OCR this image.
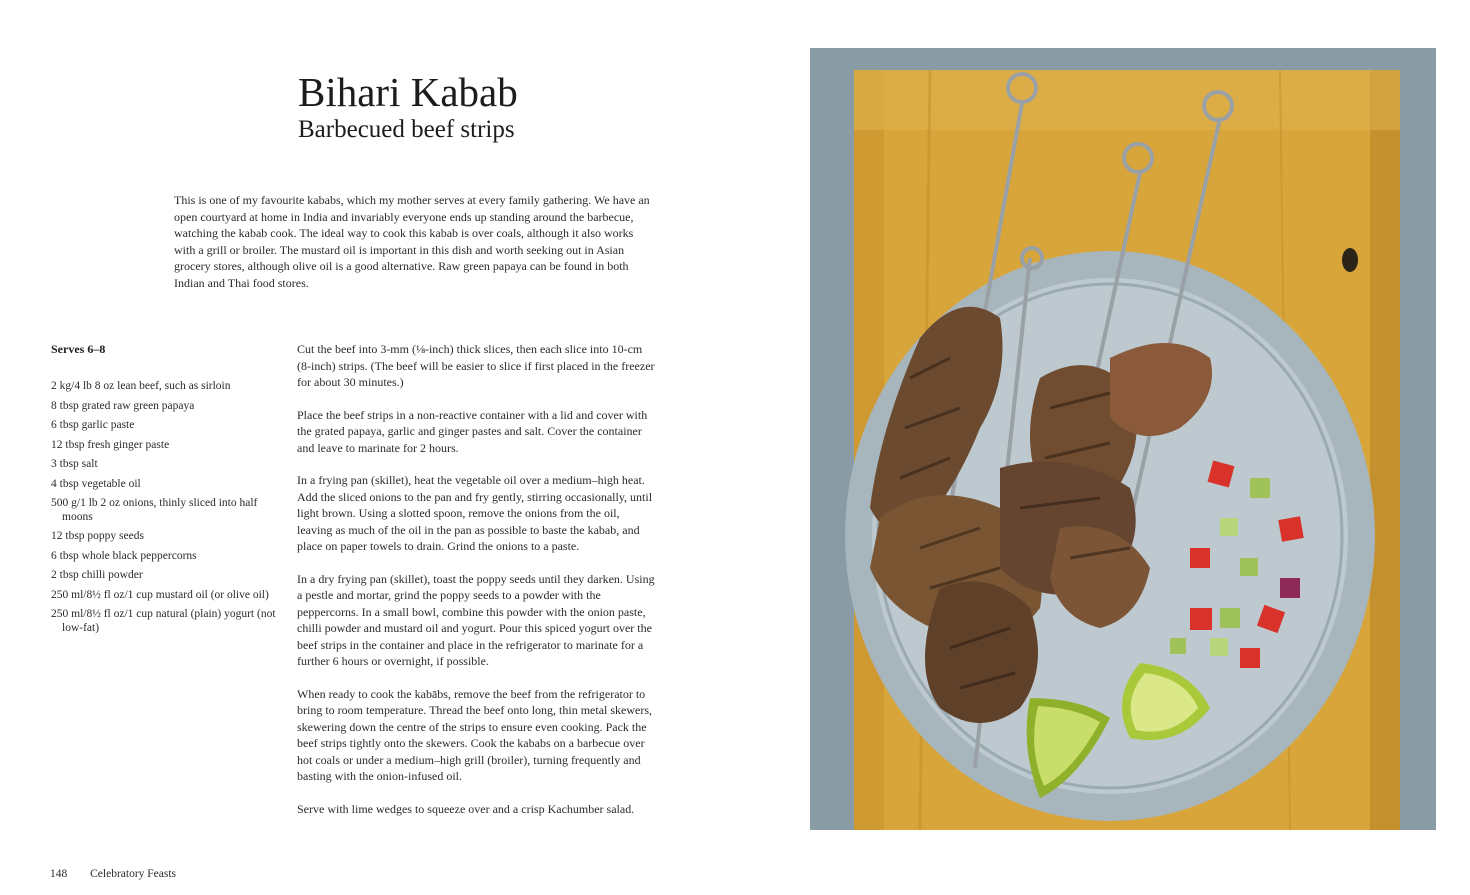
Bihari Kabab
Barbecued beef strips

This is one of my favourite kababs, which my mother serves at every family gathering. We have an open courtyard at home in India and invariably everyone ends up standing around the barbecue, watching the kabab cook. The ideal way to cook this kabab is over coals, although it also works with a grill or broiler. The mustard oil is important in this dish and worth seeking out in Asian grocery stores, although olive oil is a good alternative. Raw green papaya can be found in both Indian and Thai food stores.

Serves 6–8

2 kg/4 lb 8 oz lean beef, such as sirloin
8 tbsp grated raw green papaya
6 tbsp garlic paste
12 tbsp fresh ginger paste
3 tbsp salt
4 tbsp vegetable oil
500 g/1 lb 2 oz onions, thinly sliced into half moons
12 tbsp poppy seeds
6 tbsp whole black peppercorns
2 tbsp chilli powder
250 ml/8½ fl oz/1 cup mustard oil (or olive oil)
250 ml/8½ fl oz/1 cup natural (plain) yogurt (not low-fat)

Cut the beef into 3-mm (⅛-inch) thick slices, then each slice into 10-cm (8-inch) strips. (The beef will be easier to slice if first placed in the freezer for about 30 minutes.)

Place the beef strips in a non-reactive container with a lid and cover with the grated papaya, garlic and ginger pastes and salt. Cover the container and leave to marinate for 2 hours.

In a frying pan (skillet), heat the vegetable oil over a medium–high heat. Add the sliced onions to the pan and fry gently, stirring occasionally, until light brown. Using a slotted spoon, remove the onions from the oil, leaving as much of the oil in the pan as possible to baste the kabab, and place on paper towels to drain. Grind the onions to a paste.

In a dry frying pan (skillet), toast the poppy seeds until they darken. Using a pestle and mortar, grind the poppy seeds to a powder with the peppercorns. In a small bowl, combine this powder with the onion paste, chilli powder and mustard oil and yogurt. Pour this spiced yogurt over the beef strips in the container and place in the refrigerator to marinate for a further 6 hours or overnight, if possible.

When ready to cook the kabābs, remove the beef from the refrigerator to bring to room temperature. Thread the beef onto long, thin metal skewers, skewering down the centre of the strips to ensure even cooking. Pack the beef strips tightly onto the skewers. Cook the kababs on a barbecue over hot coals or under a medium–high grill (broiler), turning frequently and basting with the onion-infused oil.

Serve with lime wedges to squeeze over and a crisp Kachumber salad.

148 Celebratory Feasts
